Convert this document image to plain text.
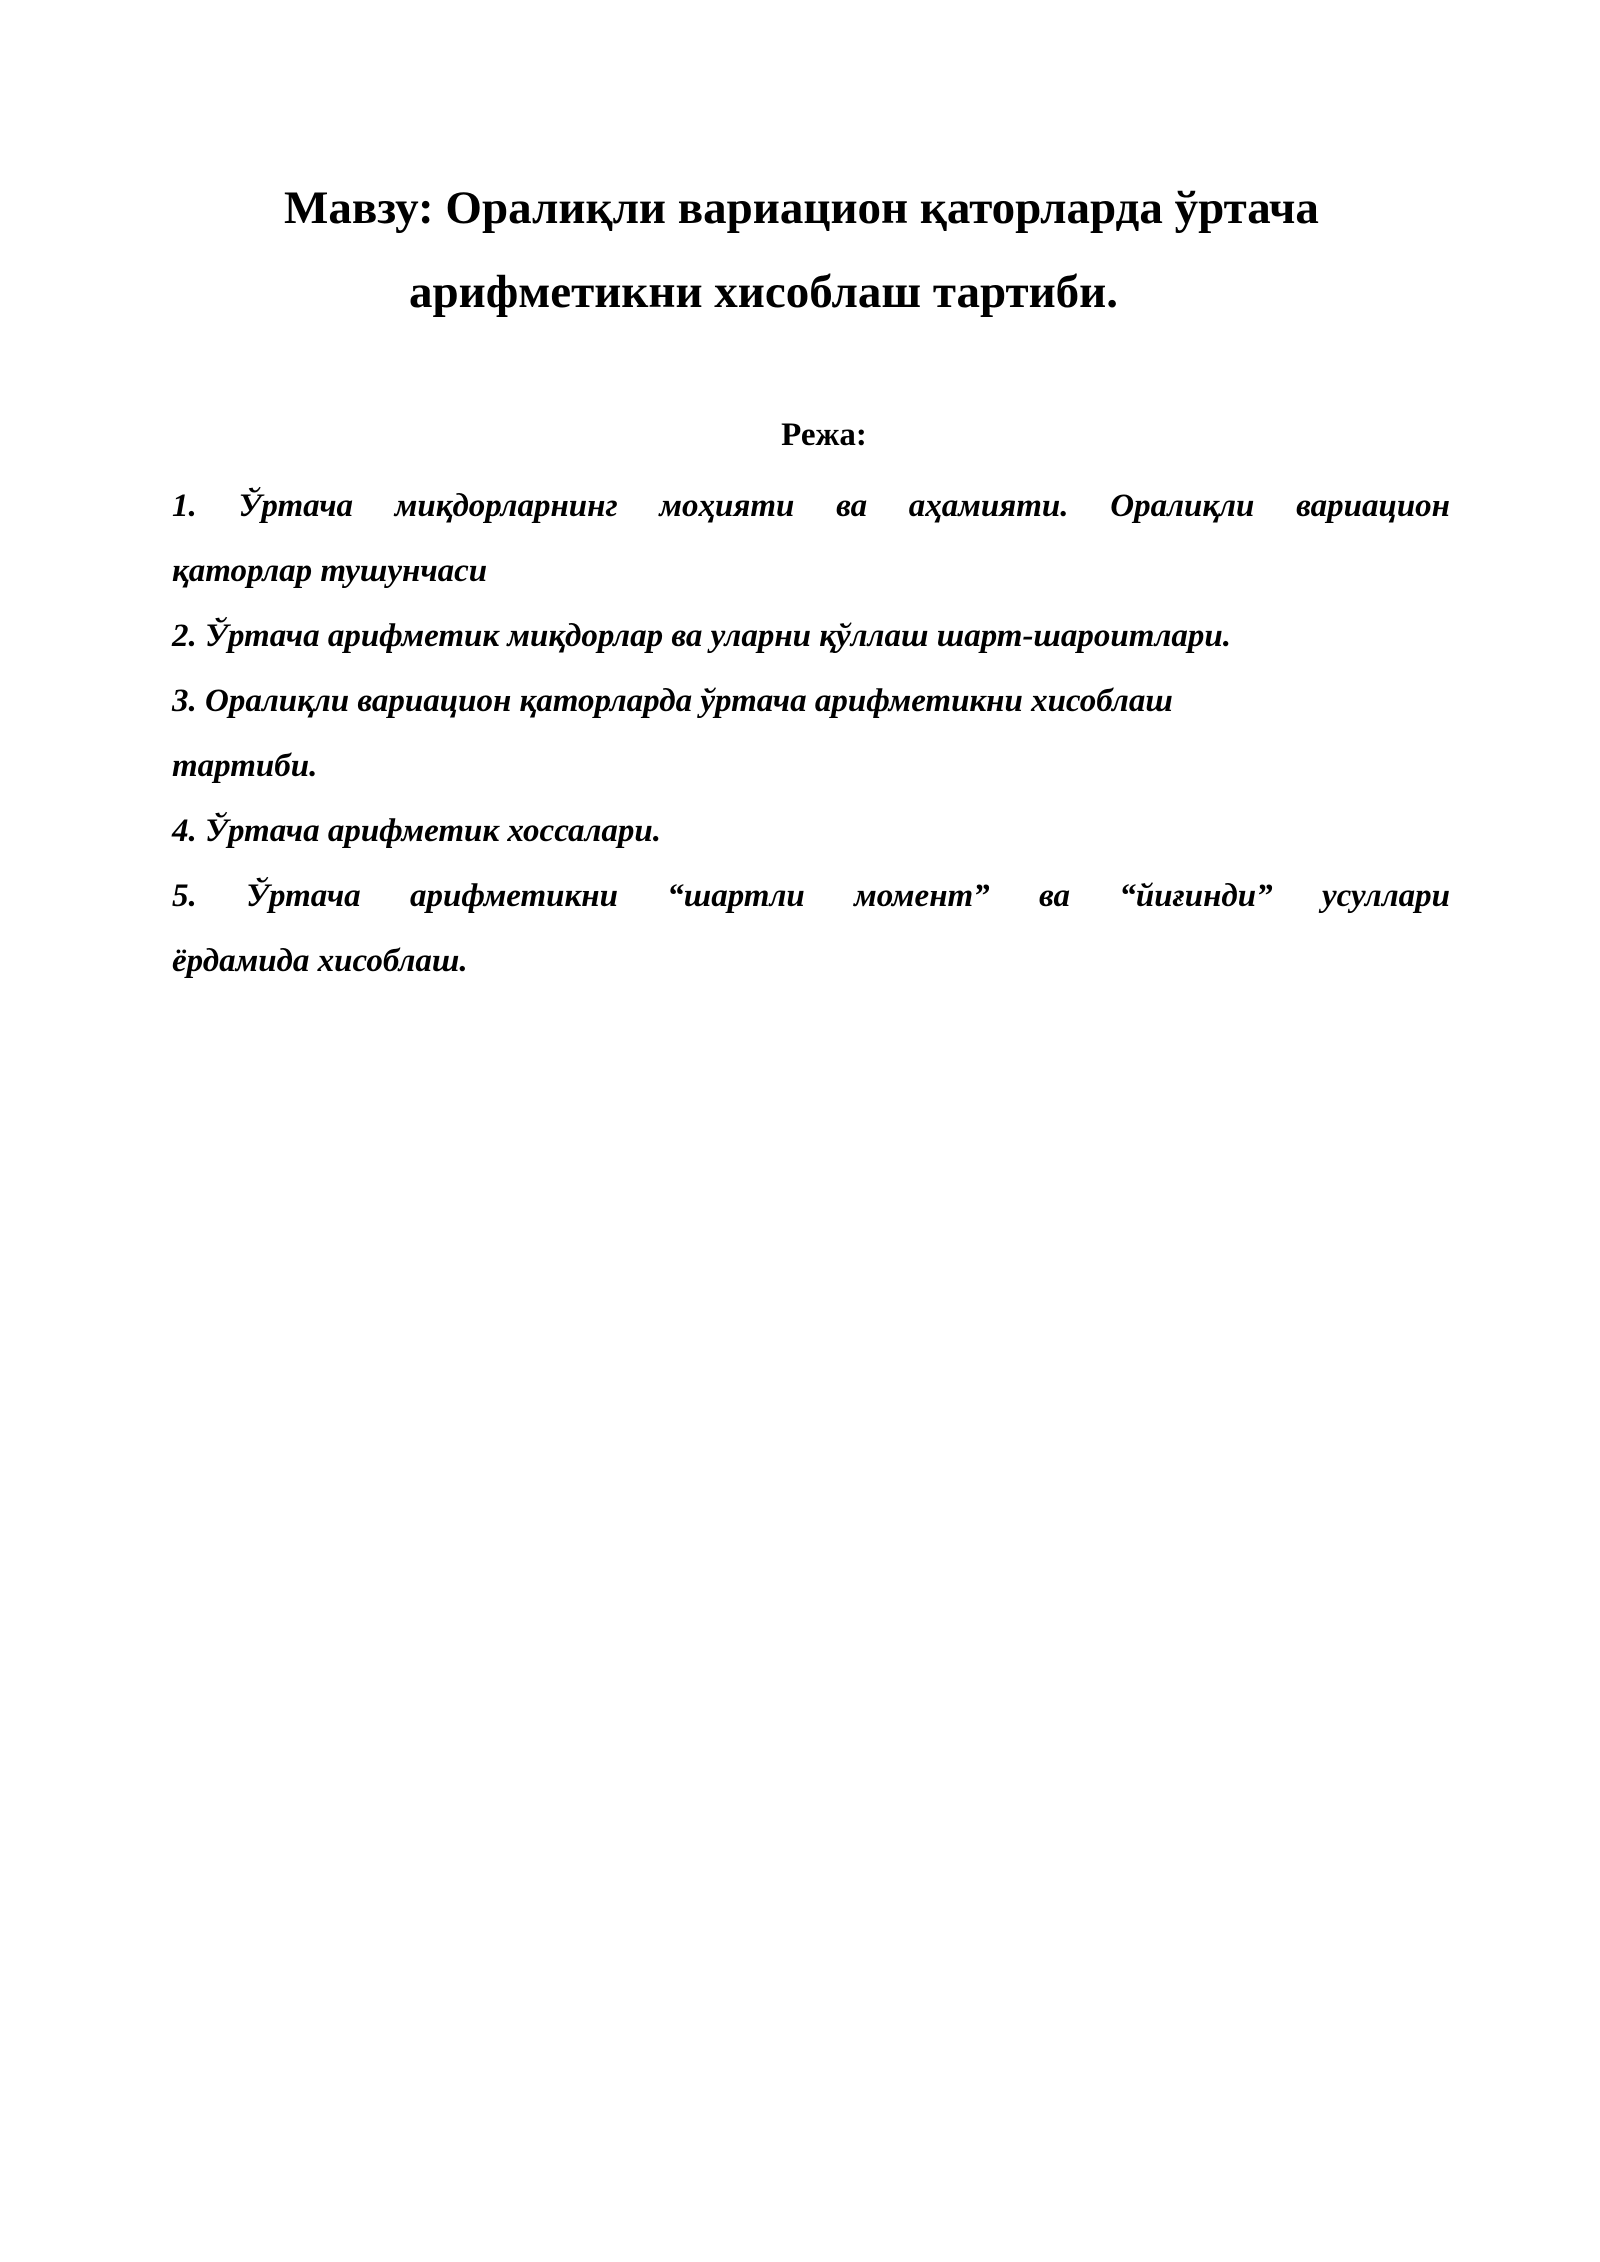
Мавзу: Оралиқли вариацион қаторларда ўртача
арифметикни хисоблаш тартиби.
Режа:
1. Ўртача миқдорларнинг моҳияти ва аҳамияти. Оралиқли вариацион
қаторлар тушунчаси
2. Ўртача арифметик миқдорлар ва уларни қўллаш шарт-шароитлари.
3. Оралиқли вариацион қаторларда ўртача арифметикни хисоблаш
тартиби.
4. Ўртача арифметик хоссалари.
5. Ўртача арифметикни “шартли момент” ва “йиғинди” усуллари
ёрдамида хисоблаш.
